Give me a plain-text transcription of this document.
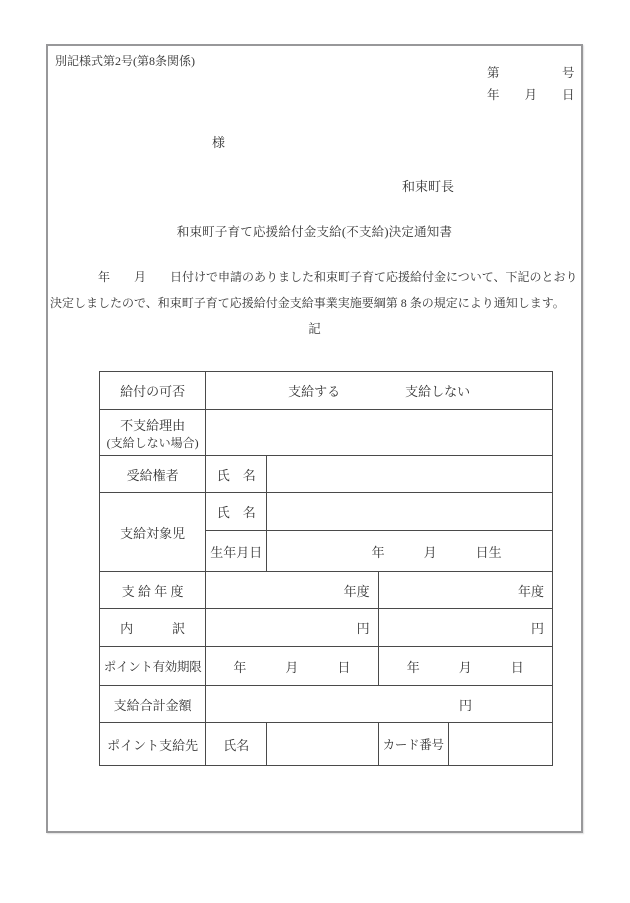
別記様式第2号(第8条関係)
第　　　　　号
年　　月　　日
様
和束町長
和束町子育て応援給付金支給(不支給)決定通知書
　　　　年　　月　　日付けで申請のありました和束町子育て応援給付金について、下記のとおり
決定しましたので、和束町子育て応援給付金支給事業実施要綱第 8 条の規定により通知します。
記
給付の可否	支給する　　　　　支給しない			

不支給理由
(支給しない場合)				

受給権者	氏　名			
支給対象児	氏　名			
	生年月日	年　　　月　　　日生		
支 給 年 度	年度		年度	
内　　　訳	円		円	
ポイント有効期限	年　　　月　　　日		年　　　月　　　日	
支給合計金額	円			
ポイント支給先	氏名		カード番号	
